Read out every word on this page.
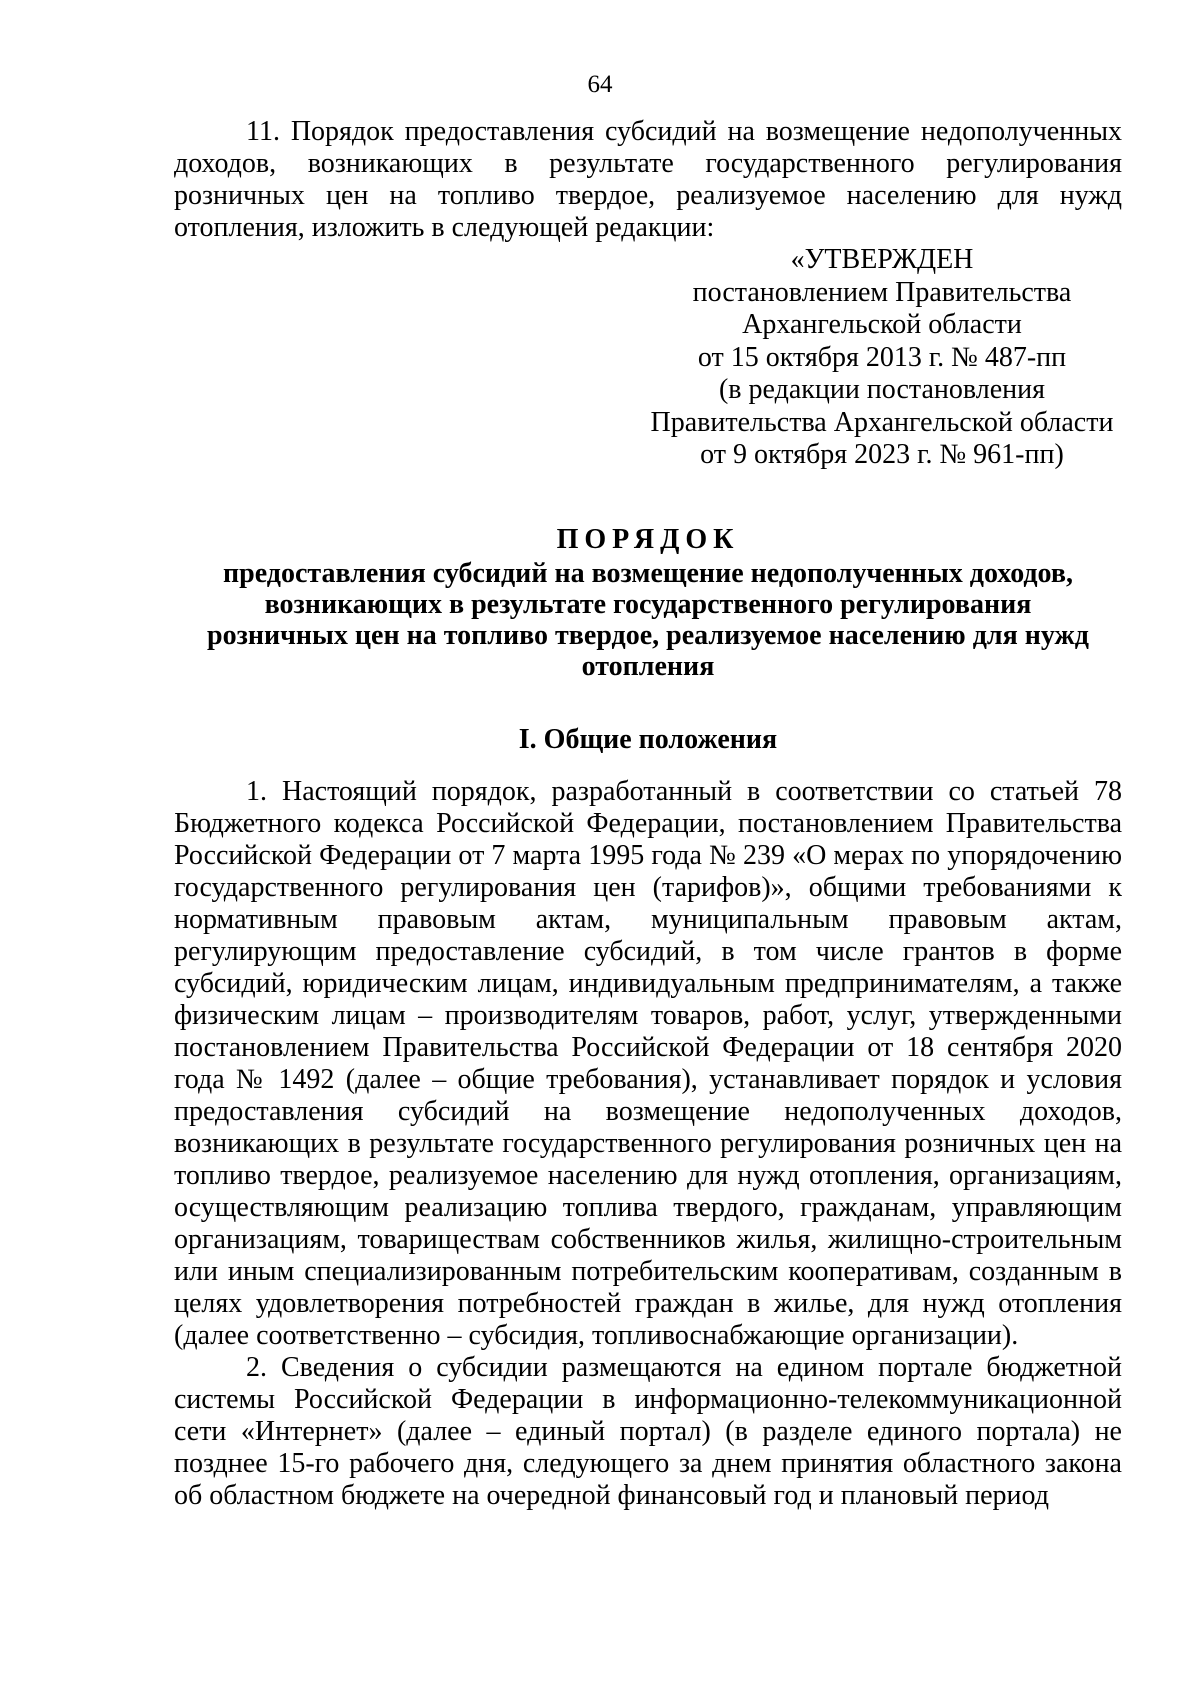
64

11. Порядок предоставления субсидий на возмещение недополученных доходов, возникающих в результате государственного регулирования розничных цен на топливо твердое, реализуемое населению для нужд отопления, изложить в следующей редакции:

«УТВЕРЖДЕН
постановлением Правительства
Архангельской области
от 15 октября 2013 г. № 487-пп
(в редакции постановления
Правительства Архангельской области
от 9 октября 2023 г. № 961-пп)
ПОРЯДОК
предоставления субсидий на возмещение недополученных доходов, возникающих в результате государственного регулирования розничных цен на топливо твердое, реализуемое населению для нужд отопления
I. Общие положения

1. Настоящий порядок, разработанный в соответствии со статьей 78 Бюджетного кодекса Российской Федерации, постановлением Правительства Российской Федерации от 7 марта 1995 года № 239 «О мерах по упорядочению государственного регулирования цен (тарифов)», общими требованиями к нормативным правовым актам, муниципальным правовым актам, регулирующим предоставление субсидий, в том числе грантов в форме субсидий, юридическим лицам, индивидуальным предпринимателям, а также физическим лицам – производителям товаров, работ, услуг, утвержденными постановлением Правительства Российской Федерации от 18 сентября 2020 года № 1492 (далее – общие требования), устанавливает порядок и условия предоставления субсидий на возмещение недополученных доходов, возникающих в результате государственного регулирования розничных цен на топливо твердое, реализуемое населению для нужд отопления, организациям, осуществляющим реализацию топлива твердого, гражданам, управляющим организациям, товариществам собственников жилья, жилищно-строительным или иным специализированным потребительским кооперативам, созданным в целях удовлетворения потребностей граждан в жилье, для нужд отопления (далее соответственно – субсидия, топливоснабжающие организации).

2. Сведения о субсидии размещаются на едином портале бюджетной системы Российской Федерации в информационно-телекоммуникационной сети «Интернет» (далее – единый портал) (в разделе единого портала) не позднее 15-го рабочего дня, следующего за днем принятия областного закона об областном бюджете на очередной финансовый год и плановый период
